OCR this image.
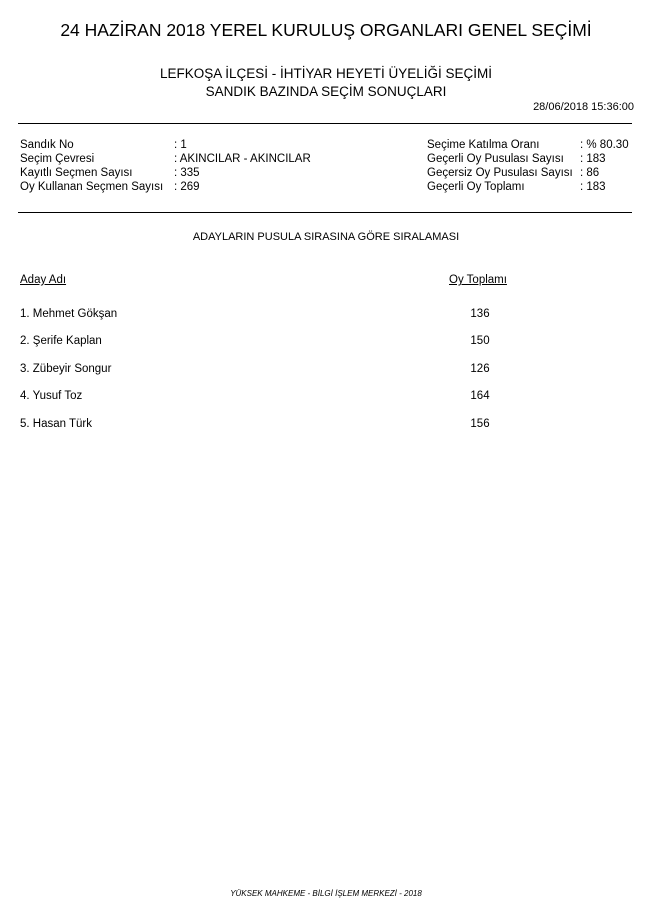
24 HAZİRAN 2018 YEREL KURULUŞ ORGANLARI GENEL SEÇİMİ
LEFKOŞA İLÇESİ - İHTİYAR HEYETİ ÜYELİĞİ SEÇİMİ
SANDIK BAZINDA SEÇİM SONUÇLARI
28/06/2018 15:36:00
Sandık No	: 1
Seçim Çevresi	: AKINCILAR - AKINCILAR
Kayıtlı Seçmen Sayısı	: 335
Oy Kullanan Seçmen Sayısı : 269
Seçime Katılma Oranı	: % 80.30
Geçerli Oy Pusulası Sayısı : 183
Geçersiz Oy Pusulası Sayısı : 86
Geçerli Oy Toplamı	: 183
ADAYLARIN PUSULA SIRASINA GÖRE SIRALAMASI
Aday Adı	Oy Toplamı
1. Mehmet Gökşan	136
2. Şerife Kaplan	150
3. Zübeyir Songur	126
4. Yusuf Toz	164
5. Hasan Türk	156
YÜKSEK MAHKEME - BİLGİ İŞLEM MERKEZİ - 2018
